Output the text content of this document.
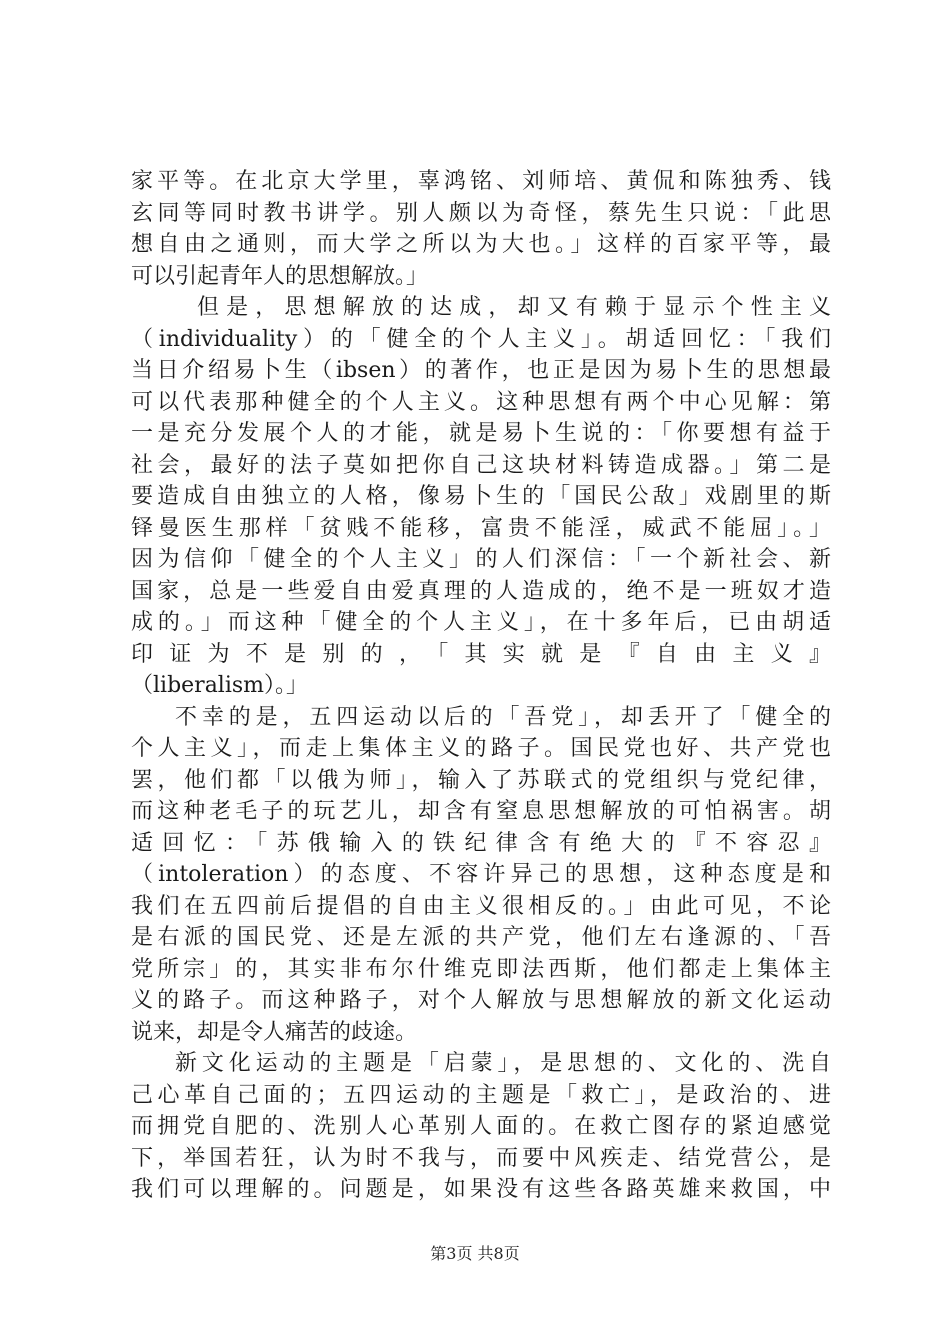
家平等。在北京大学里，辜鸿铭、刘师培、黄侃和陈独秀、钱
玄同等同时教书讲学。别人颇以为奇怪，蔡先生只说：「此思
想自由之通则，而大学之所以为大也。」这样的百家平等，最
可以引起青年人的思想解放。」
但是，思想解放的达成，却又有赖于显示个性主义
（individuality）的「健全的个人主义」。胡适回忆：「我们
当日介绍易卜生（ibsen）的著作，也正是因为易卜生的思想最
可以代表那种健全的个人主义。这种思想有两个中心见解：第
一是充分发展个人的才能，就是易卜生说的：「你要想有益于
社会，最好的法子莫如把你自己这块材料铸造成器。」第二是
要造成自由独立的人格，像易卜生的「国民公敌」戏剧里的斯
铎曼医生那样「贫贱不能移，富贵不能淫，威武不能屈」。」
因为信仰「健全的个人主义」的人们深信：「一个新社会、新
国家，总是一些爱自由爱真理的人造成的，绝不是一班奴才造
成的。」而这种「健全的个人主义」，在十多年后，已由胡适
印证为不是别的，「其实就是『自由主义』
（liberalism）。」
不幸的是，五四运动以后的「吾党」，却丢开了「健全的
个人主义」，而走上集体主义的路子。国民党也好、共产党也
罢，他们都「以俄为师」，输入了苏联式的党组织与党纪律，
而这种老毛子的玩艺儿，却含有窒息思想解放的可怕祸害。胡
适回忆：「苏俄输入的铁纪律含有绝大的『不容忍』
（intoleration）的态度、不容许异己的思想，这种态度是和
我们在五四前后提倡的自由主义很相反的。」由此可见，不论
是右派的国民党、还是左派的共产党，他们左右逢源的、「吾
党所宗」的，其实非布尔什维克即法西斯，他们都走上集体主
义的路子。而这种路子，对个人解放与思想解放的新文化运动
说来，却是令人痛苦的歧途。
新文化运动的主题是「启蒙」，是思想的、文化的、洗自
己心革自己面的；五四运动的主题是「救亡」，是政治的、进
而拥党自肥的、洗别人心革别人面的。在救亡图存的紧迫感觉
下，举国若狂，认为时不我与，而要中风疾走、结党营公，是
我们可以理解的。问题是，如果没有这些各路英雄来救国，中
第3页 共8页
